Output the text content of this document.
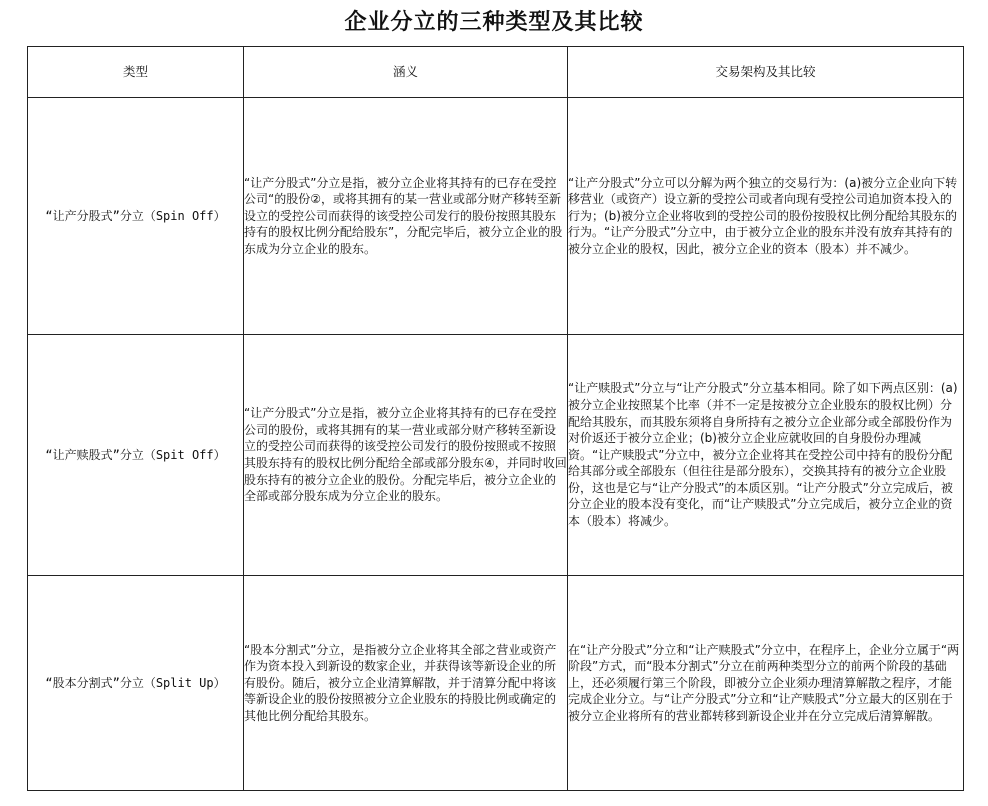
企业分立的三种类型及其比较
类型	涵义	交易架构及其比较
“让产分股式”分立（Spin Off）	“让产分股式”分立是指，被分立企业将其持有的已存在受控公司“的股份②，或将其拥有的某一营业或部分财产移转至新设立的受控公司而获得的该受控公司发行的股份按照其股东持有的股权比例分配给股东”，分配完毕后，被分立企业的股东成为分立企业的股东。	“让产分股式”分立可以分解为两个独立的交易行为：(a)被分立企业向下转移营业（或资产）设立新的受控公司或者向现有受控公司追加资本投入的行为；(b)被分立企业将收到的受控公司的股份按股权比例分配给其股东的行为。“让产分股式”分立中，由于被分立企业的股东并没有放弃其持有的被分立企业的股权，因此，被分立企业的资本（股本）并不减少。
“让产赎股式”分立（Spit Off）	“让产分股式”分立是指，被分立企业将其持有的已存在受控公司的股份，或将其拥有的某一营业或部分财产移转至新设立的受控公司而获得的该受控公司发行的股份按照或不按照其股东持有的股权比例分配给全部或部分股东④，并同时收回股东持有的被分立企业的股份。分配完毕后，被分立企业的全部或部分股东成为分立企业的股东。	“让产赎股式”分立与“让产分股式”分立基本相同。除了如下两点区别：(a)被分立企业按照某个比率（并不一定是按被分立企业股东的股权比例）分配给其股东，而其股东须将自身所持有之被分立企业部分或全部股份作为对价返还于被分立企业；(b)被分立企业应就收回的自身股份办理减资。“让产赎股式”分立中，被分立企业将其在受控公司中持有的股份分配给其部分或全部股东（但往往是部分股东），交换其持有的被分立企业股份，这也是它与“让产分股式”的本质区别。“让产分股式”分立完成后，被分立企业的股本没有变化，而“让产赎股式”分立完成后，被分立企业的资本（股本）将减少。
“股本分割式”分立（Split Up）	“股本分割式”分立，是指被分立企业将其全部之营业或资产作为资本投入到新设的数家企业，并获得该等新设企业的所有股份。随后，被分立企业清算解散，并于清算分配中将该等新设企业的股份按照被分立企业股东的持股比例或确定的其他比例分配给其股东。	在“让产分股式”分立和“让产赎股式”分立中，在程序上，企业分立属于“两阶段”方式，而“股本分割式”分立在前两种类型分立的前两个阶段的基础上，还必须履行第三个阶段，即被分立企业须办理清算解散之程序，才能完成企业分立。与“让产分股式”分立和“让产赎股式”分立最大的区别在于被分立企业将所有的营业都转移到新设企业并在分立完成后清算解散。
